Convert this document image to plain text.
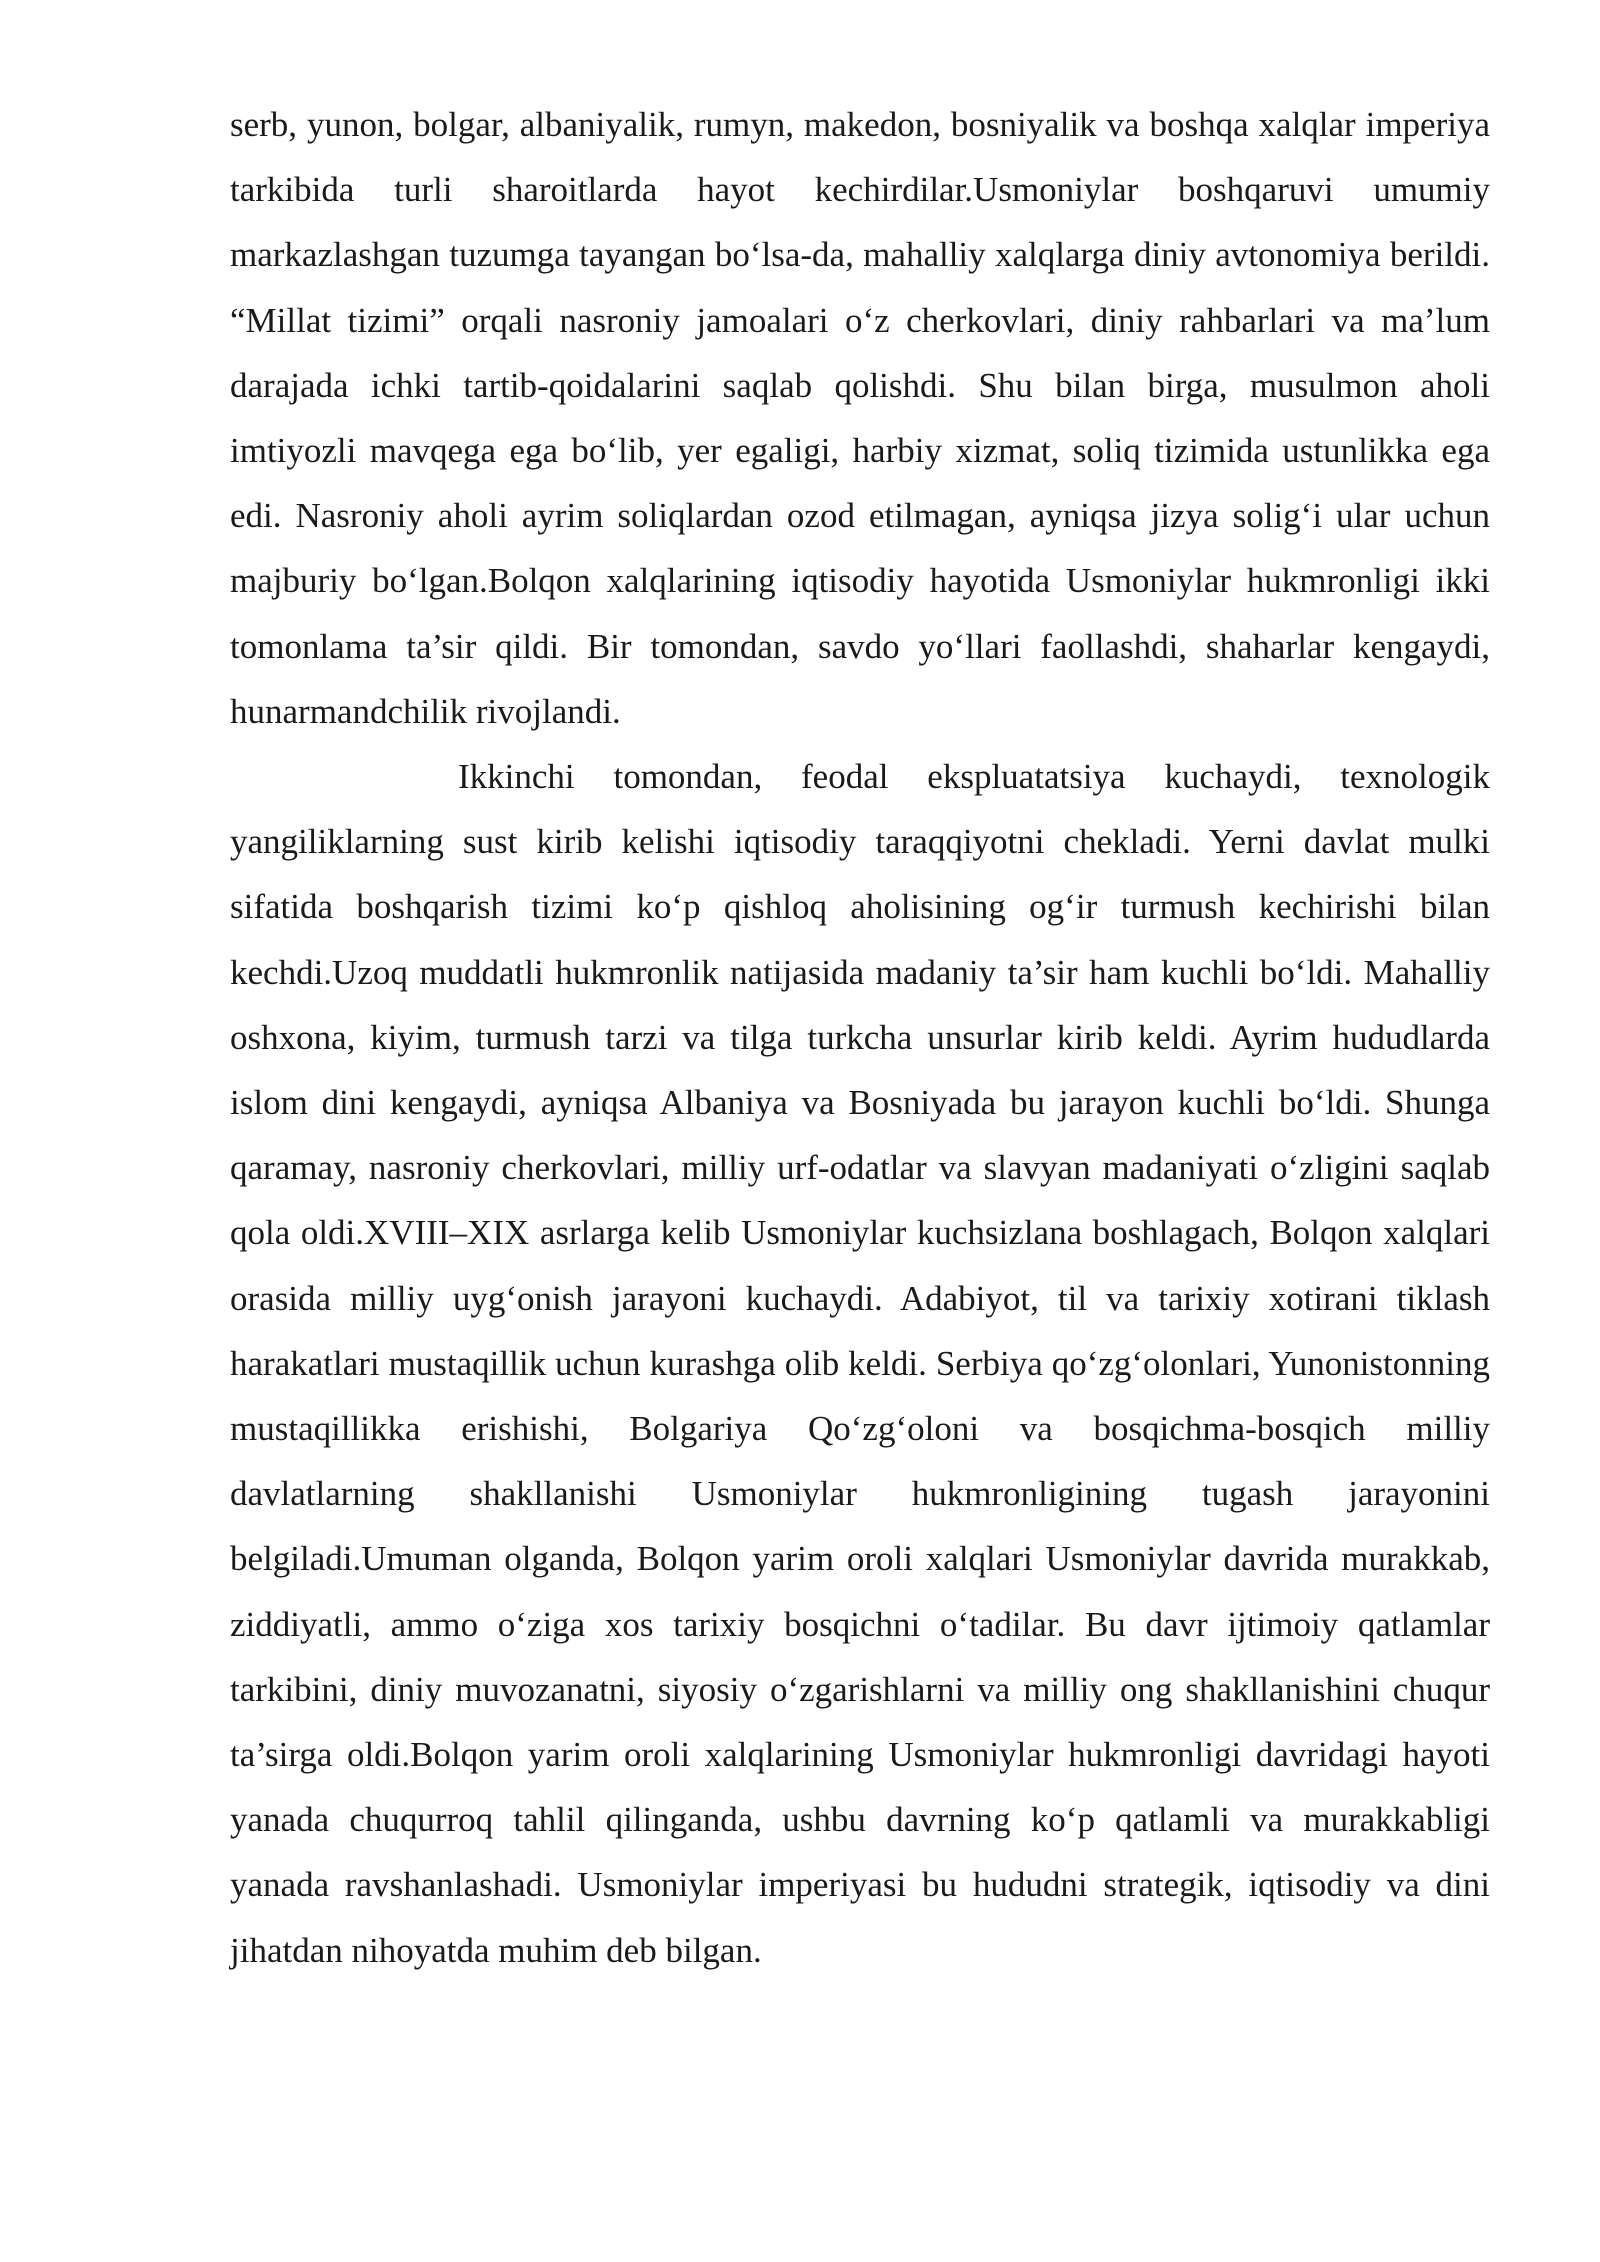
serb, yunon, bolgar, albaniyalik, rumyn, makedon, bosniyalik va boshqa xalqlar imperiya tarkibida turli sharoitlarda hayot kechirdilar.Usmoniylar boshqaruvi umumiy markazlashgan tuzumga tayangan bo‘lsa-da, mahalliy xalqlarga diniy avtonomiya berildi. “Millat tizimi” orqali nasroniy jamoalari o‘z cherkovlari, diniy rahbarlari va ma’lum darajada ichki tartib-qoidalarini saqlab qolishdi. Shu bilan birga, musulmon aholi imtiyozli mavqega ega bo‘lib, yer egaligi, harbiy xizmat, soliq tizimida ustunlikka ega edi. Nasroniy aholi ayrim soliqlardan ozod etilmagan, ayniqsa jizya solig‘i ular uchun majburiy bo‘lgan.Bolqon xalqlarining iqtisodiy hayotida Usmoniylar hukmronligi ikki tomonlama ta’sir qildi. Bir tomondan, savdo yo‘llari faollashdi, shaharlar kengaydi, hunarmandchilik rivojlandi.

Ikkinchi tomondan, feodal ekspluatatsiya kuchaydi, texnologik yangiliklarning sust kirib kelishi iqtisodiy taraqqiyotni chekladi. Yerni davlat mulki sifatida boshqarish tizimi ko‘p qishloq aholisining og‘ir turmush kechirishi bilan kechdi.Uzoq muddatli hukmronlik natijasida madaniy ta’sir ham kuchli bo‘ldi. Mahalliy oshxona, kiyim, turmush tarzi va tilga turkcha unsurlar kirib keldi. Ayrim hududlarda islom dini kengaydi, ayniqsa Albaniya va Bosniyada bu jarayon kuchli bo‘ldi. Shunga qaramay, nasroniy cherkovlari, milliy urf-odatlar va slavyan madaniyati o‘zligini saqlab qola oldi.XVIII–XIX asrlarga kelib Usmoniylar kuchsizlana boshlagach, Bolqon xalqlari orasida milliy uyg‘onish jarayoni kuchaydi. Adabiyot, til va tarixiy xotirani tiklash harakatlari mustaqillik uchun kurashga olib keldi. Serbiya qo‘zg‘olonlari, Yunonistonning mustaqillikka erishishi, Bolgariya Qo‘zg‘oloni va bosqichma-bosqich milliy davlatlarning shakllanishi Usmoniylar hukmronligining tugash jarayonini belgiladi.Umuman olganda, Bolqon yarim oroli xalqlari Usmoniylar davrida murakkab, ziddiyatli, ammo o‘ziga xos tarixiy bosqichni o‘tadilar. Bu davr ijtimoiy qatlamlar tarkibini, diniy muvozanatni, siyosiy o‘zgarishlarni va milliy ong shakllanishini chuqur ta’sirga oldi.Bolqon yarim oroli xalqlarining Usmoniylar hukmronligi davridagi hayoti yanada chuqurroq tahlil qilinganda, ushbu davrning ko‘p qatlamli va murakkabligi yanada ravshanlashadi. Usmoniylar imperiyasi bu hududni strategik, iqtisodiy va dini jihatdan nihoyatda muhim deb bilgan.
